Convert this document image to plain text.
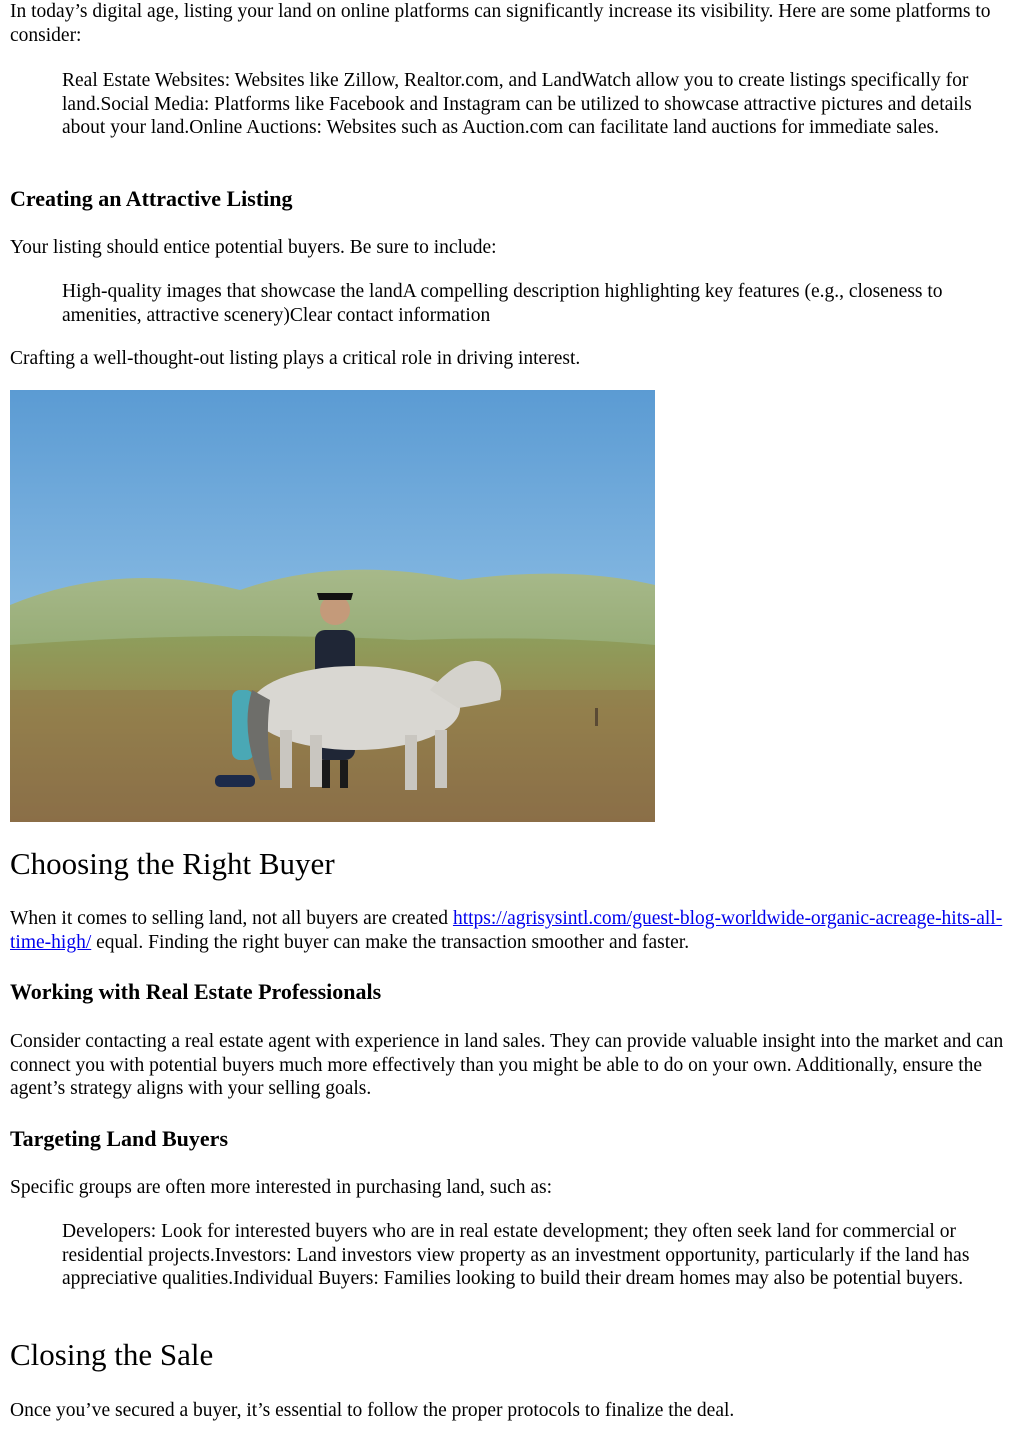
In today’s digital age, listing your land on online platforms can significantly increase its visibility. Here are some platforms to consider:

Real Estate Websites: Websites like Zillow, Realtor.com, and LandWatch allow you to create listings specifically for land.Social Media: Platforms like Facebook and Instagram can be utilized to showcase attractive pictures and details about your land.Online Auctions: Websites such as Auction.com can facilitate land auctions for immediate sales.

Creating an Attractive Listing

Your listing should entice potential buyers. Be sure to include:

High-quality images that showcase the landA compelling description highlighting key features (e.g., closeness to amenities, attractive scenery)Clear contact information

Crafting a well-thought-out listing plays a critical role in driving interest.

Choosing the Right Buyer

When it comes to selling land, not all buyers are created https://agrisysintl.com/guest-blog-worldwide-organic-acreage-hits-all-time-high/ equal. Finding the right buyer can make the transaction smoother and faster.

Working with Real Estate Professionals

Consider contacting a real estate agent with experience in land sales. They can provide valuable insight into the market and can connect you with potential buyers much more effectively than you might be able to do on your own. Additionally, ensure the agent’s strategy aligns with your selling goals.

Targeting Land Buyers

Specific groups are often more interested in purchasing land, such as:

Developers: Look for interested buyers who are in real estate development; they often seek land for commercial or residential projects.Investors: Land investors view property as an investment opportunity, particularly if the land has appreciative qualities.Individual Buyers: Families looking to build their dream homes may also be potential buyers.

Closing the Sale

Once you’ve secured a buyer, it’s essential to follow the proper protocols to finalize the deal.
